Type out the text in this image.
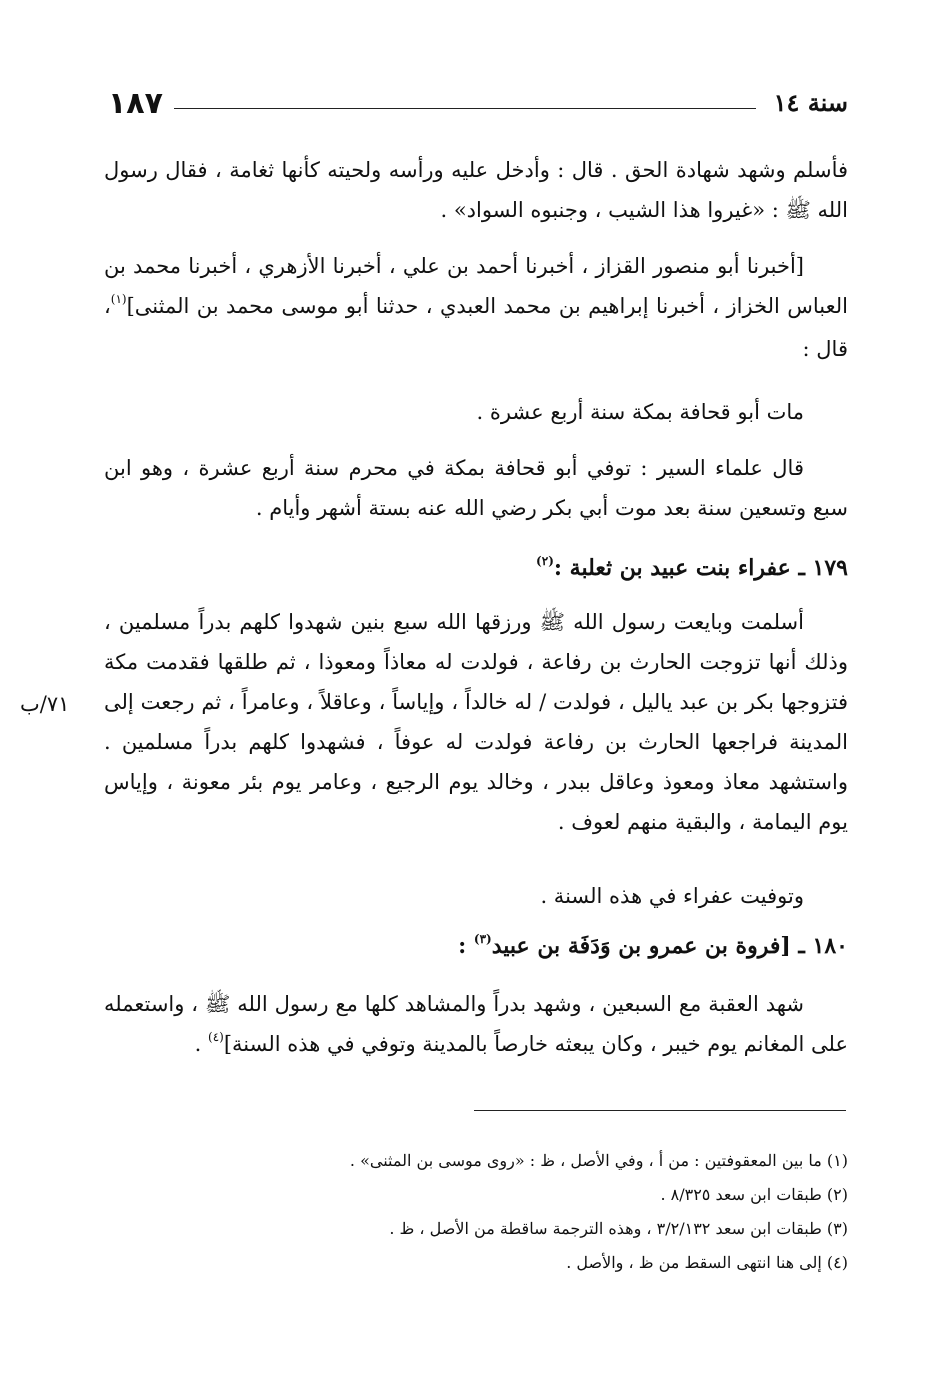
١٨٧	سنة ١٤

فأسلم وشهد شهادة الحق . قال : وأدخل عليه ورأسه ولحيته كأنها ثغامة ، فقال رسول الله ﷺ : «غيروا هذا الشيب ، وجنبوه السواد» .

[أخبرنا أبو منصور القزاز ، أخبرنا أحمد بن علي ، أخبرنا الأزهري ، أخبرنا محمد بن العباس الخزاز ، أخبرنا إبراهيم بن محمد العبدي ، حدثنا أبو موسى محمد بن المثنى]$^{(١)}$، قال :

مات أبو قحافة بمكة سنة أربع عشرة .

قال علماء السير : توفي أبو قحافة بمكة في محرم سنة أربع عشرة ، وهو ابن سبع وتسعين سنة بعد موت أبي بكر رضي الله عنه بستة أشهر وأيام .

١٧٩ ـ عفراء بنت عبيد بن ثعلبة :$^{(٢)}$

أسلمت وبايعت رسول الله ﷺ ورزقها الله سبع بنين شهدوا كلهم بدراً مسلمين ، وذلك أنها تزوجت الحارث بن رفاعة ، فولدت له معاذاً ومعوذا ، ثم طلقها فقدمت مكة فتزوجها بكر بن عبد ياليل ، فولدت / له خالداً ، وإياساً ، وعاقلاً ، وعامراً ، ثم رجعت إلى المدينة فراجعها الحارث بن رفاعة فولدت له عوفاً ، فشهدوا كلهم بدراً مسلمين . واستشهد معاذ ومعوذ وعاقل ببدر ، وخالد يوم الرجيع ، وعامر يوم بئر معونة ، وإياس يوم اليمامة ، والبقية منهم لعوف .

٧١/ب

وتوفيت عفراء في هذه السنة .

١٨٠ ـ [فروة بن عمرو بن وَدَفَة بن عبيد$^{(٣)}$ :

شهد العقبة مع السبعين ، وشهد بدراً والمشاهد كلها مع رسول الله ﷺ ، واستعمله على المغانم يوم خيبر ، وكان يبعثه خارصاً بالمدينة وتوفي في هذه السنة]$^{(٤)}$ .

(١) ما بين المعقوفتين : من أ ، وفي الأصل ، ظ : «روى موسى بن المثنى» .

(٢) طبقات ابن سعد ٨/٣٢٥ .

(٣) طبقات ابن سعد ٣/٢/١٣٢ ، وهذه الترجمة ساقطة من الأصل ، ظ .

(٤) إلى هنا انتهى السقط من ظ ، والأصل .
